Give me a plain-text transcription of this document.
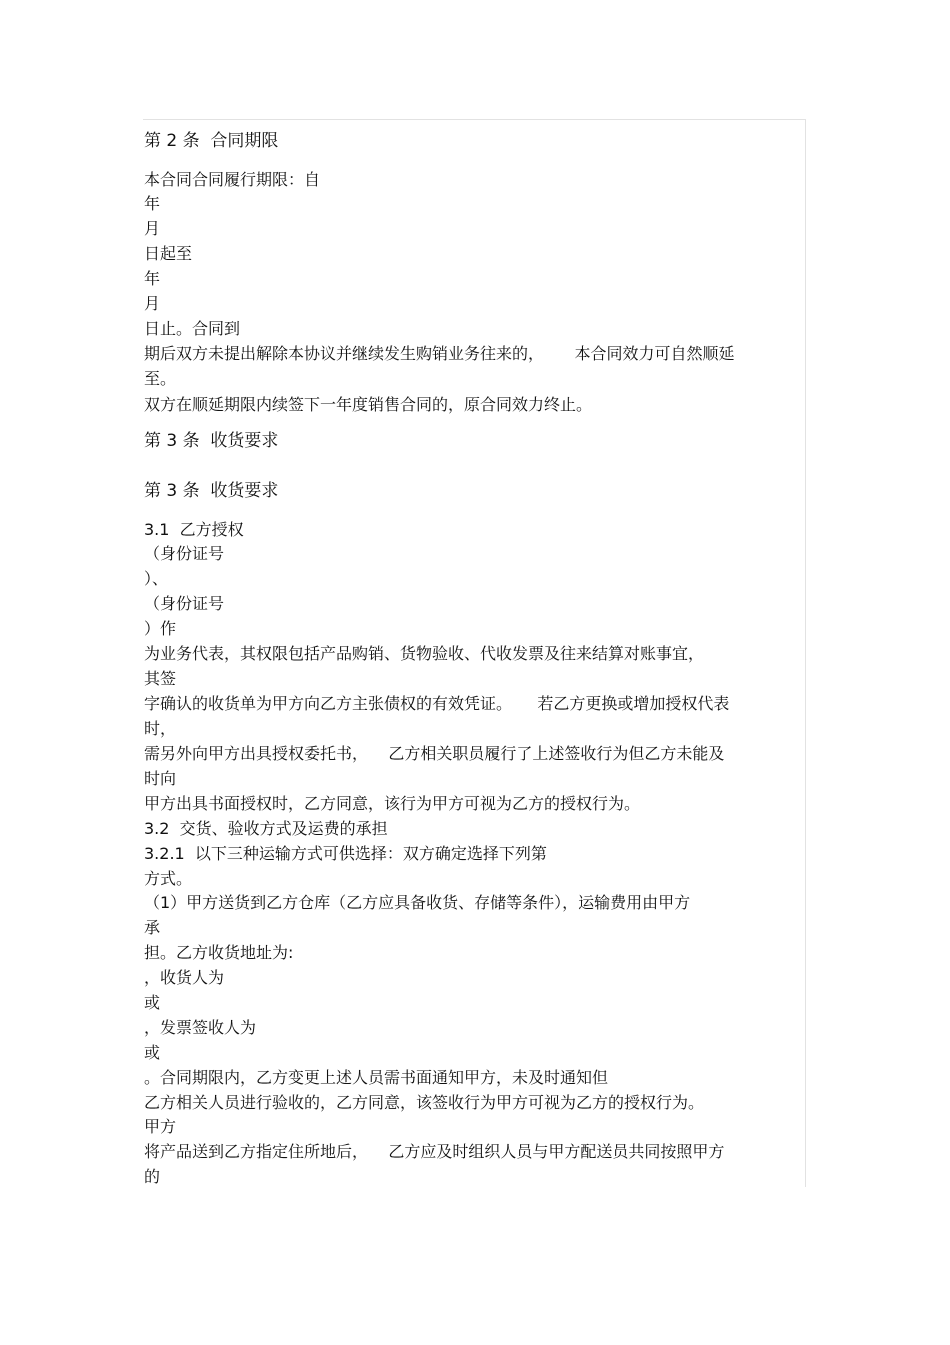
第 2 条  合同期限
本合同合同履行期限：自
年
月
日起至
年
月
日止。合同到
期后双方未提出解除本协议并继续发生购销业务往来的，      本合同效力可自然顺延
至。
双方在顺延期限内续签下一年度销售合同的，原合同效力终止。
第 3 条  收货要求
第 3 条  收货要求
3.1  乙方授权
（身份证号
）、
（身份证号
）作
为业务代表，其权限包括产品购销、货物验收、代收发票及往来结算对账事宜，
其签
字确认的收货单为甲方向乙方主张债权的有效凭证。     若乙方更换或增加授权代表
时，
需另外向甲方出具授权委托书，    乙方相关职员履行了上述签收行为但乙方未能及
时向
甲方出具书面授权时，乙方同意，该行为甲方可视为乙方的授权行为。
3.2  交货、验收方式及运费的承担
3.2.1  以下三种运输方式可供选择：双方确定选择下列第
方式。
（1）甲方送货到乙方仓库（乙方应具备收货、存储等条件），运输费用由甲方
承
担。乙方收货地址为:
，收货人为
或
，发票签收人为
或
。合同期限内，乙方变更上述人员需书面通知甲方，未及时通知但
乙方相关人员进行验收的，乙方同意，该签收行为甲方可视为乙方的授权行为。
甲方
将产品送到乙方指定住所地后，    乙方应及时组织人员与甲方配送员共同按照甲方
的
